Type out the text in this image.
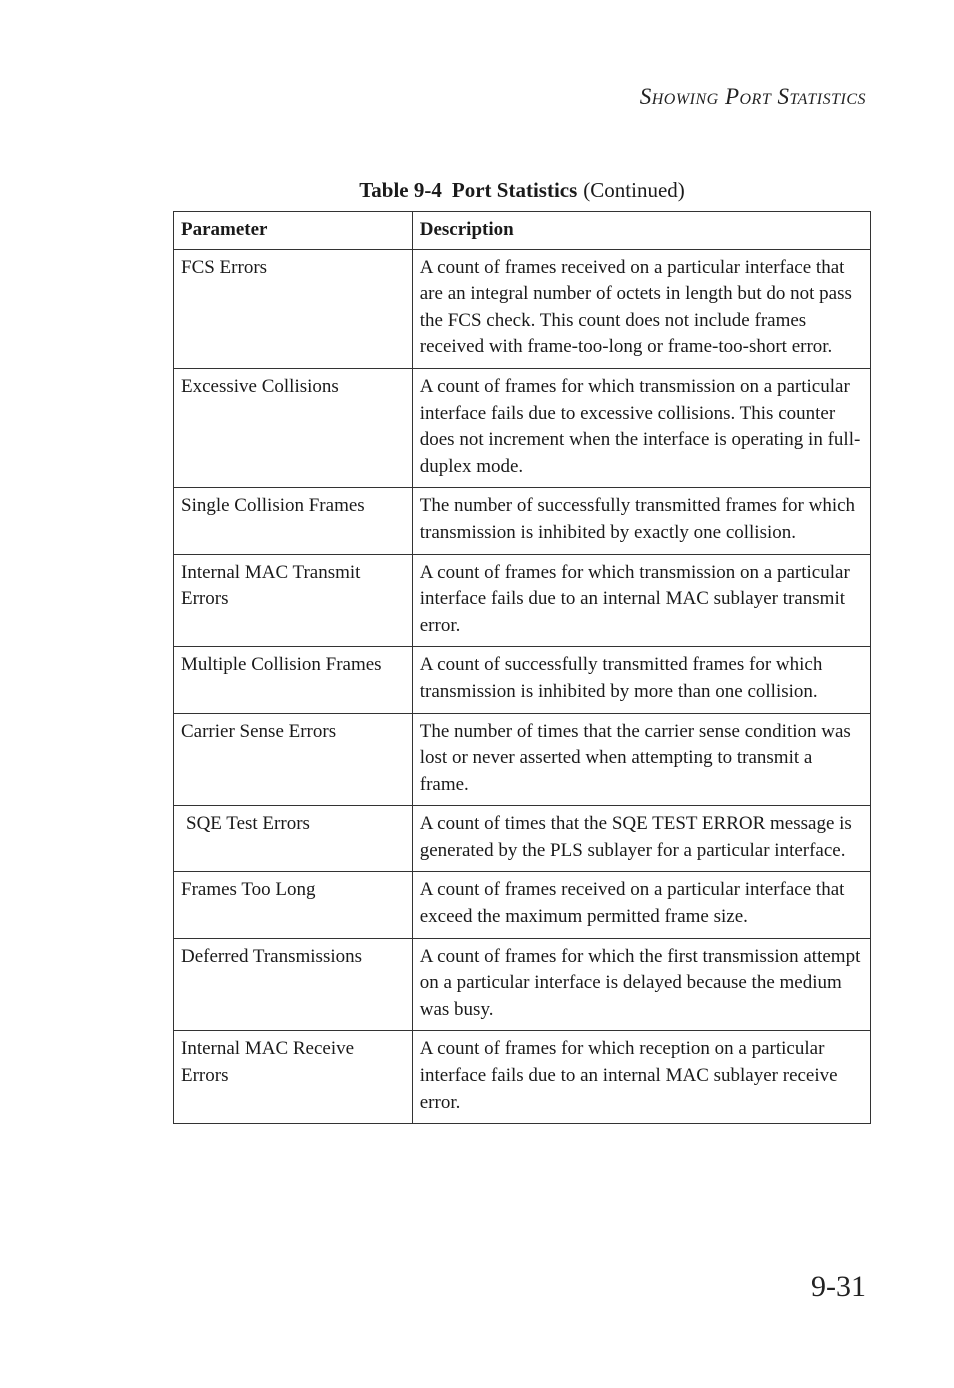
Showing Port Statistics
Table 9-4 Port Statistics (Continued)
Parameter	Description
FCS Errors	A count of frames received on a particular interface that are an integral number of octets in length but do not pass the FCS check. This count does not include frames received with frame-too-long or frame-too-short error.
Excessive Collisions	A count of frames for which transmission on a particular interface fails due to excessive collisions. This counter does not increment when the interface is operating in full-duplex mode.
Single Collision Frames	The number of successfully transmitted frames for which transmission is inhibited by exactly one collision.
Internal MAC Transmit Errors	A count of frames for which transmission on a particular interface fails due to an internal MAC sublayer transmit error.
Multiple Collision Frames	A count of successfully transmitted frames for which transmission is inhibited by more than one collision.
Carrier Sense Errors	The number of times that the carrier sense condition was lost or never asserted when attempting to transmit a frame.
SQE Test Errors	A count of times that the SQE TEST ERROR message is generated by the PLS sublayer for a particular interface.
Frames Too Long	A count of frames received on a particular interface that exceed the maximum permitted frame size.
Deferred Transmissions	A count of frames for which the first transmission attempt on a particular interface is delayed because the medium was busy.
Internal MAC Receive Errors	A count of frames for which reception on a particular interface fails due to an internal MAC sublayer receive error.
9-31
